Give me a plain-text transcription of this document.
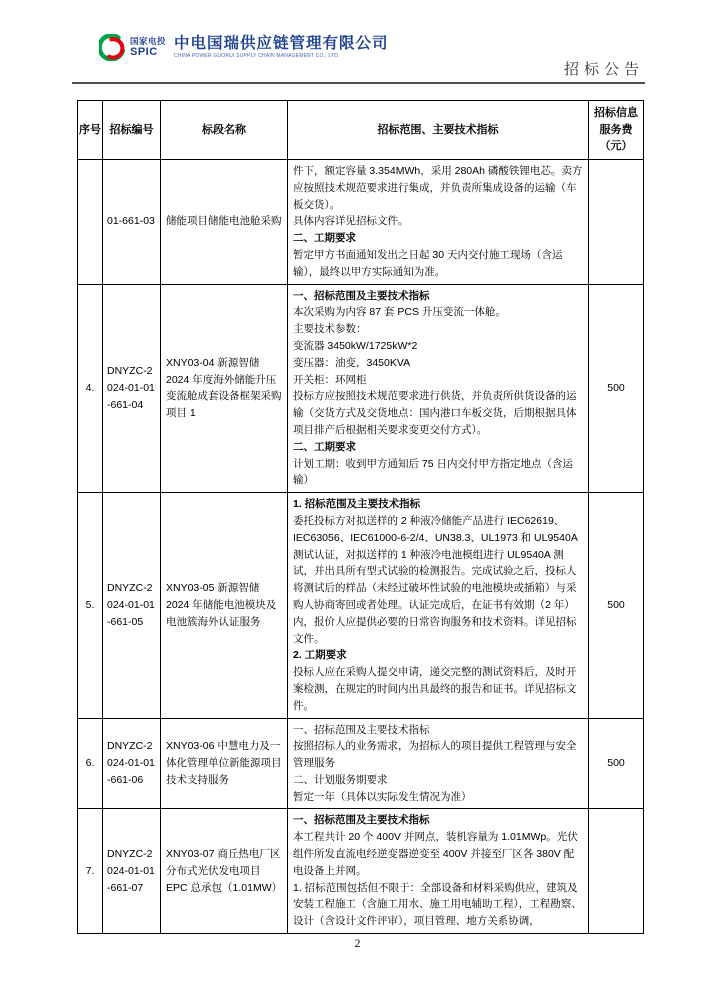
国家电投
SPIC	中电国瑞供应链管理有限公司
CHINA POWER GUORUI SUPPLY CHAIN MANAGEMENT CO., LTD.
招标公告
序号	招标编号	标段名称	招标范围、主要技术指标	招标信息服务费（元）
	01-661-03	储能项目储能电池舱采购	件下，额定容量 3.354MWh，采用 280Ah 磷酸铁锂电芯。卖方应按照技术规范要求进行集成，并负责所集成设备的运输（车板交货）。
具体内容详见招标文件。
二、工期要求
暂定甲方书面通知发出之日起 30 天内交付施工现场（含运输），最终以甲方实际通知为准。	

4.	DNYZC-2024-01-01-661-04	XNY03-04 新源智储 2024 年度海外储能升压变流舱成套设备框架采购项目 1	
一、招标范围及主要技术指标
本次采购为内容 87 套 PCS 升压变流一体舱。
主要技术参数：
变流器 3450kW/1725kW*2
变压器：油变，3450KVA
开关柜：环网柜
投标方应按照技术规范要求进行供货，并负责所供货设备的运输（交货方式及交货地点：国内港口车板交货，后期根据具体项目排产后根据相关要求变更交付方式）。
二、工期要求
计划工期：收到甲方通知后 75 日内交付甲方指定地点（含运输）
	500
5.	DNYZC-2024-01-01-661-05	XNY03-05 新源智储 2024 年储能电池模块及电池簇海外认证服务	1. 招标范围及主要技术指标
委托投标方对拟送样的 2 种液冷储能产品进行 IEC62619、IEC63056、IEC61000-6-2/4、UN38.3、UL1973 和 UL9540A 测试认证，对拟送样的 1 种液冷电池模组进行 UL9540A 测试，并出具所有型式试验的检测报告。完成试验之后，投标人将测试后的样品（未经过破坏性试验的电池模块或插箱）与采购人协商寄回或者处理。认证完成后，在证书有效期（2 年）内，报价人应提供必要的日常咨询服务和技术资料。详见招标文件。
2. 工期要求
投标人应在采购人提交申请，递交完整的测试资料后，及时开案检测，在规定的时间内出具最终的报告和证书。详见招标文件。	500
6.	DNYZC-2024-01-01-661-06	XNY03-06 中慧电力及一体化管理单位新能源项目技术支持服务	一、招标范围及主要技术指标
按照招标人的业务需求，为招标人的项目提供工程管理与安全管理服务
二、计划服务期要求
暂定一年（具体以实际发生情况为准）	500
7.	DNYZC-2024-01-01-661-07	XNY03-07 商丘热电厂区分布式光伏发电项目 EPC 总承包（1.01MW）	一、招标范围及主要技术指标
本工程共计 20 个 400V 并网点，装机容量为 1.01MWp。光伏组件所发直流电经逆变器逆变至 400V 并接至厂区各 380V 配电设备上并网。
1. 招标范围包括但不限于：全部设备和材料采购供应，建筑及安装工程施工（含施工用水、施工用电辅助工程），工程勘察、设计（含设计文件评审），项目管理、地方关系协调，	

2
